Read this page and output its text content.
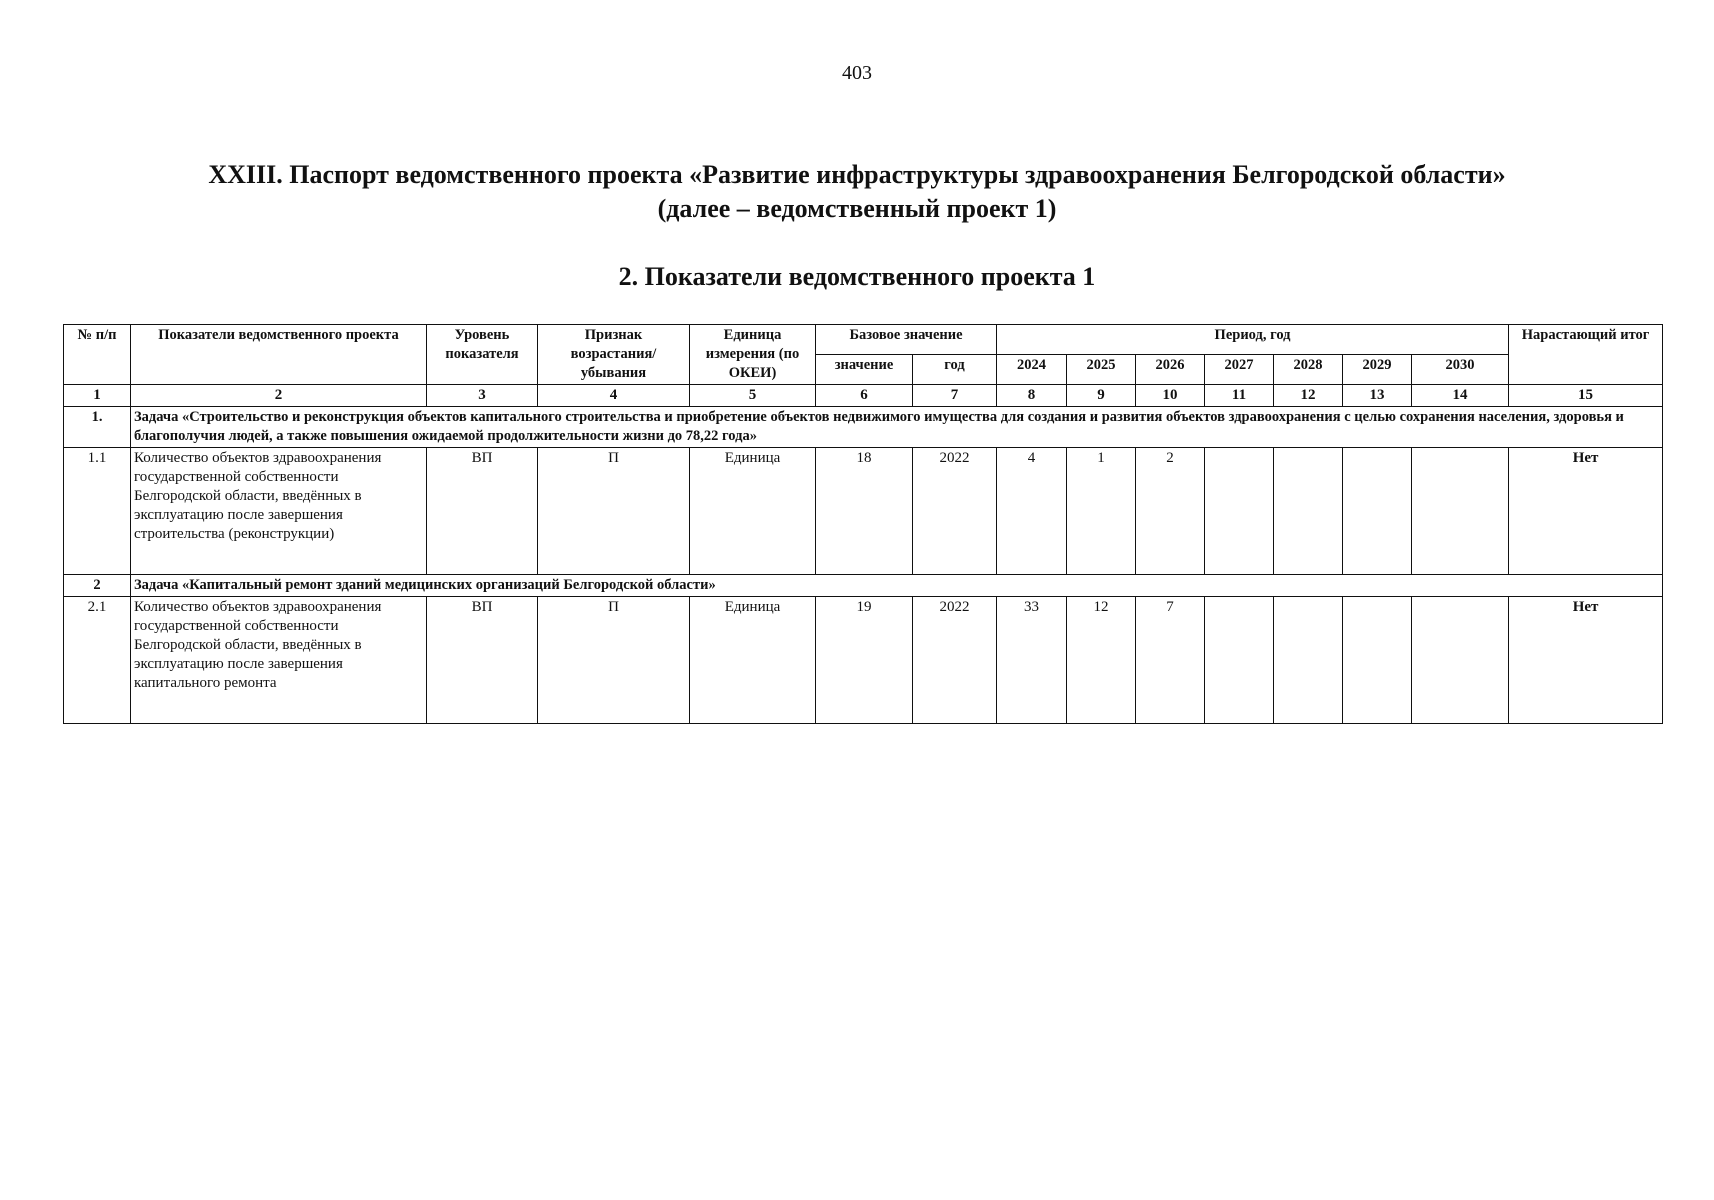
403
XXIII. Паспорт ведомственного проекта «Развитие инфраструктуры здравоохранения Белгородской области»
(далее – ведомственный проект 1)
2. Показатели ведомственного проекта 1
№ п/п	Показатели ведомственного проекта	Уровень показателя	Признак возрастания/ убывания	Единица измерения (по ОКЕИ)	Базовое значение		Период, год							Нарастающий итог
					значение	год	2024	2025	2026	2027	2028	2029	2030	
1	2	3	4	5	6	7	8	9	10	11	12	13	14	15
1.	Задача «Строительство и реконструкция объектов капитального строительства и приобретение объектов недвижимого имущества для создания и развития объектов здравоохранения с целью сохранения населения, здоровья и благополучия людей, а также повышения ожидаемой продолжительности жизни до 78,22 года»													
1.1	Количество объектов здравоохранения государственной собственности Белгородской области, введённых в эксплуатацию после завершения строительства (реконструкции)	ВП	П	Единица	18	2022	4	1	2					Нет
2	Задача «Капитальный ремонт зданий медицинских организаций Белгородской области»													
2.1	Количество объектов здравоохранения государственной собственности Белгородской области, введённых в эксплуатацию после завершения капитального ремонта	ВП	П	Единица	19	2022	33	12	7					Нет
